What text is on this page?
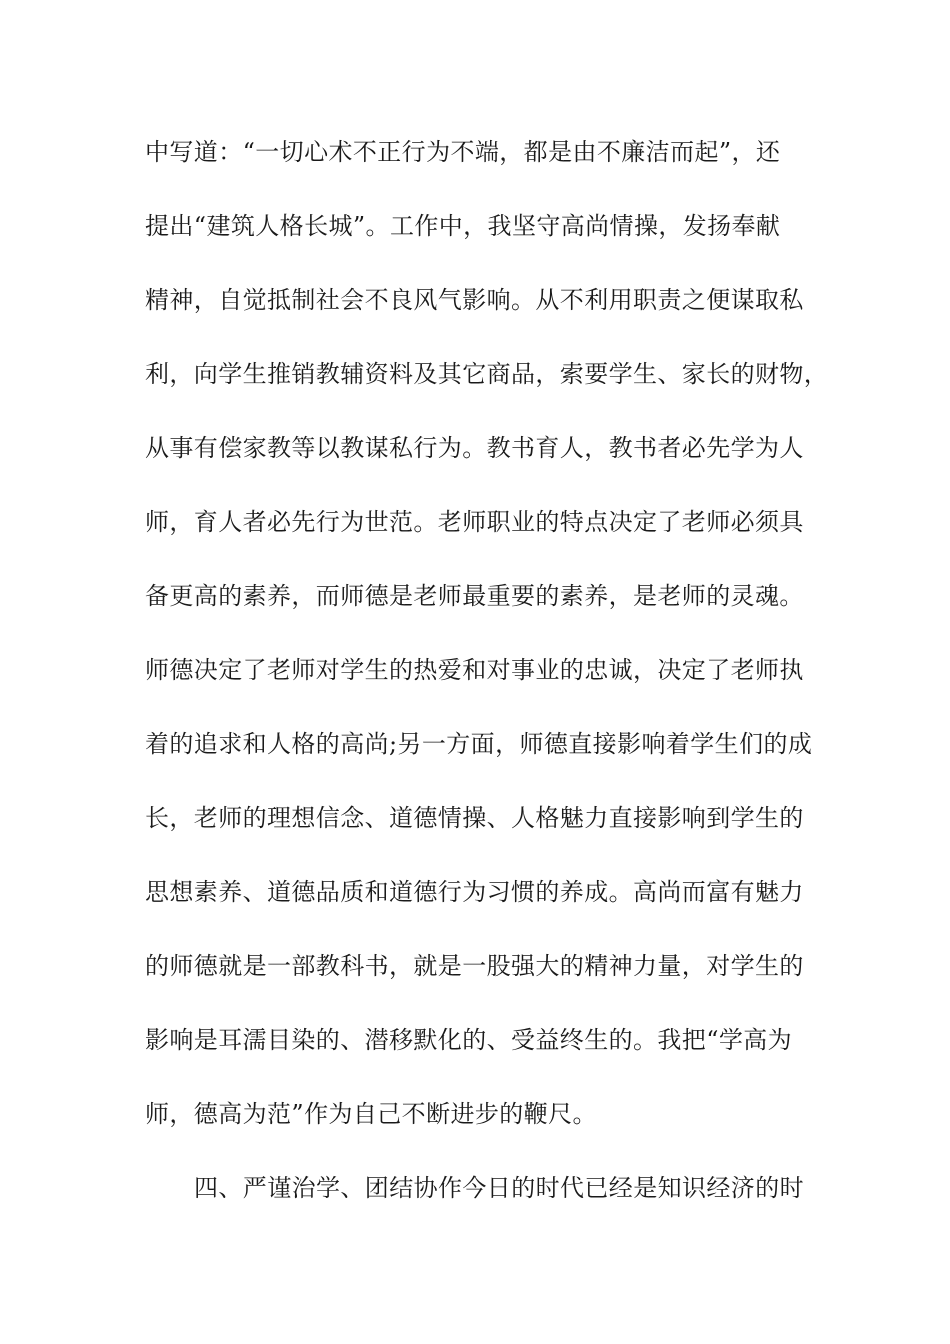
中写道：“一切心术不正行为不端，都是由不廉洁而起”，还
提出“建筑人格长城”。工作中，我坚守高尚情操，发扬奉献
精神，自觉抵制社会不良风气影响。从不利用职责之便谋取私
利，向学生推销教辅资料及其它商品，索要学生、家长的财物，
从事有偿家教等以教谋私行为。教书育人，教书者必先学为人
师，育人者必先行为世范。老师职业的特点决定了老师必须具
备更高的素养，而师德是老师最重要的素养，是老师的灵魂。
师德决定了老师对学生的热爱和对事业的忠诚，决定了老师执
着的追求和人格的高尚;另一方面，师德直接影响着学生们的成
长，老师的理想信念、道德情操、人格魅力直接影响到学生的
思想素养、道德品质和道德行为习惯的养成。高尚而富有魅力
的师德就是一部教科书，就是一股强大的精神力量，对学生的
影响是耳濡目染的、潜移默化的、受益终生的。我把“学高为
师，德高为范”作为自己不断进步的鞭尺。
四、严谨治学、团结协作今日的时代已经是知识经济的时
